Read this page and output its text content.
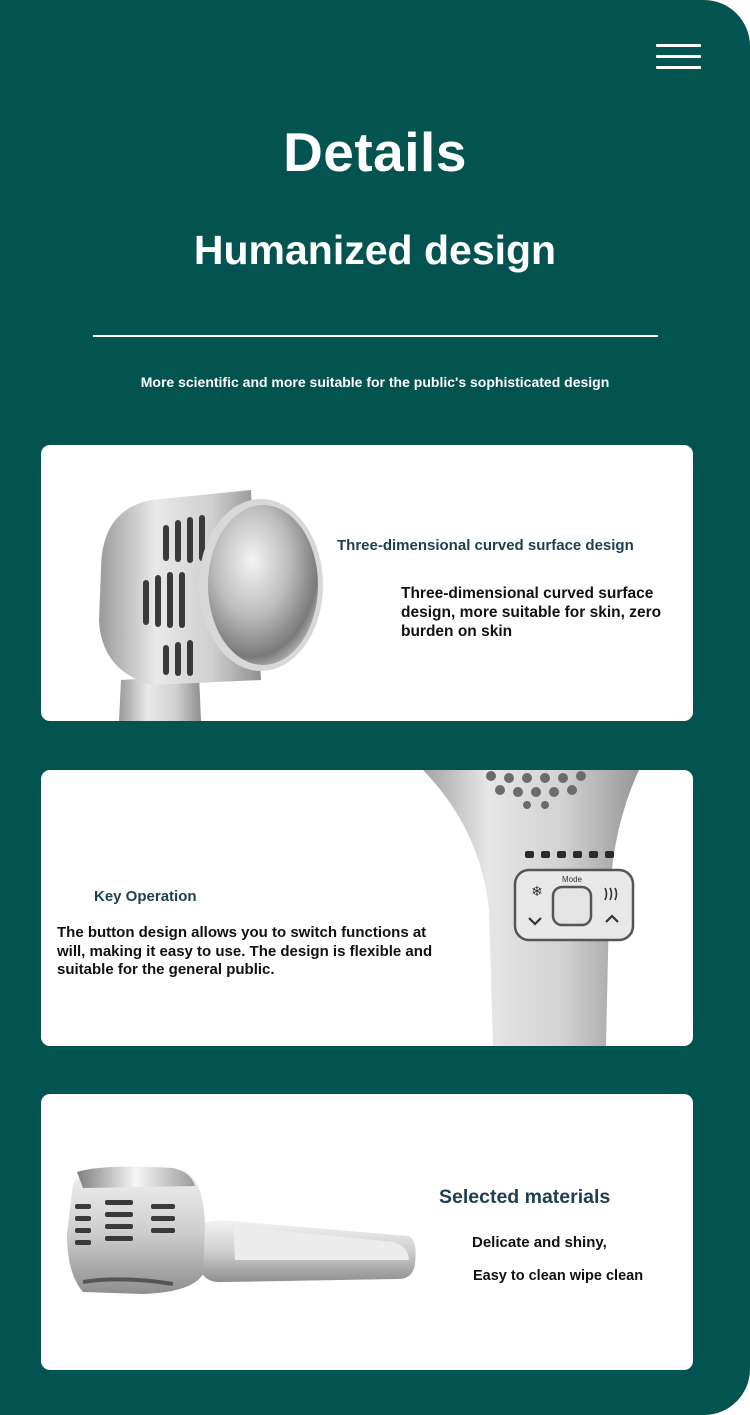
Details
Humanized design
More scientific and more suitable for the public's sophisticated design
Three-dimensional curved surface design
Three-dimensional curved surface design, more suitable for skin, zero burden on skin
Key Operation
The button design allows you to switch functions at will, making it easy to use. The design is flexible and suitable for the general public.
Mode
❄
Selected materials
Delicate and shiny,
Easy to clean wipe clean
